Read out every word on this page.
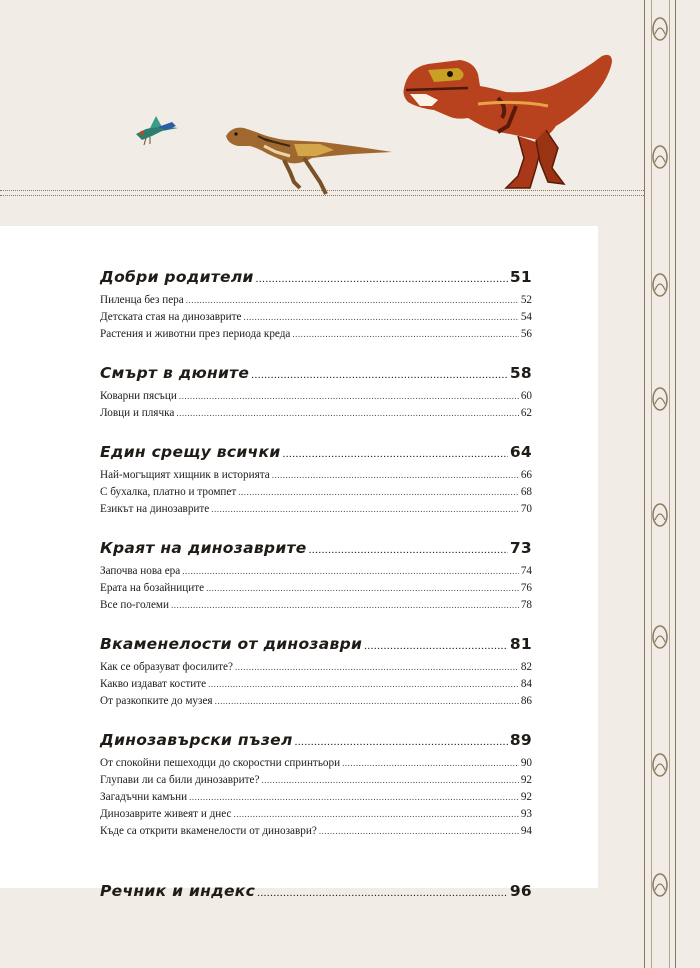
Добри родители .....	51
Пиленца без пера .....	52
Детската стая на динозаврите .....	54
Растения и животни през периода креда .....	56
Смърт в дюните .....	58
Коварни пясъци .....	60
Ловци и плячка .....	62
Един срещу всички .....	64
Най-могъщият хищник в историята .....	66
С бухалка, платно и тромпет .....	68
Езикът на динозаврите .....	70
Краят на динозаврите .....	73
Започва нова ера .....	74
Ерата на бозайниците .....	76
Все по-големи .....	78
Вкаменелости от динозаври .....	81
Как се образуват фосилите? .....	82
Какво издават костите .....	84
От разкопките до музея .....	86
Динозавърски пъзел .....	89
От спокойни пешеходци до скоростни спринтьори .....	90
Глупави ли са били динозаврите? .....	92
Загадъчни камъни .....	92
Динозаврите живеят и днес .....	93
Къде са открити вкаменелости от динозаври? .....	94
Речник и индекс .....	96
